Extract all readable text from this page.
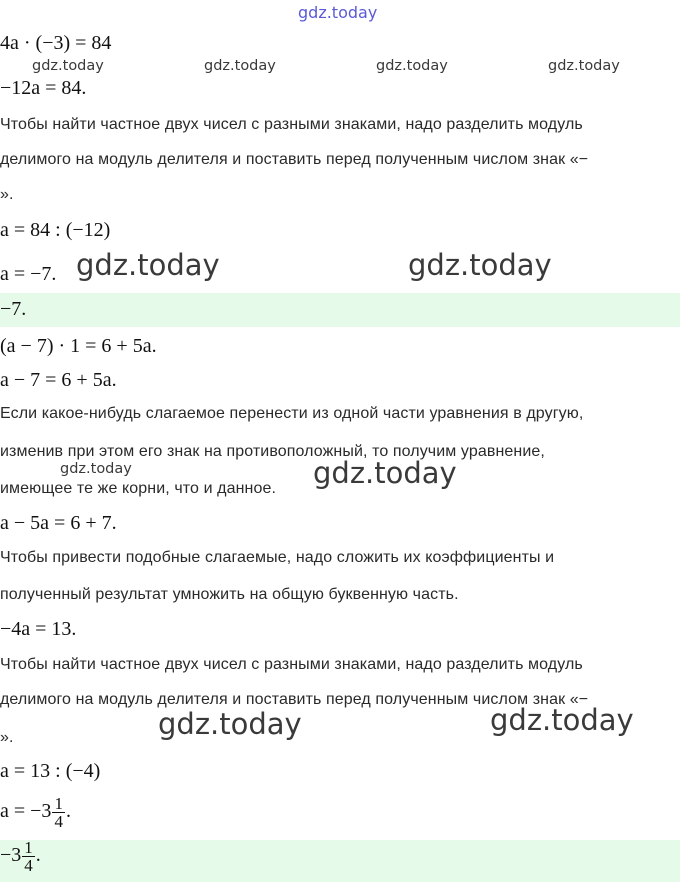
gdz.today
4a · (−3) = 84
gdz.today	gdz.today	gdz.today	gdz.today
−12a = 84.
Чтобы найти частное двух чисел с разными знаками, надо разделить модуль
делимого на модуль делителя и поставить перед полученным числом знак «−
».
a = 84 : (−12)
a = −7. gdz.today	gdz.today
−7.
(a − 7) · 1 = 6 + 5a.
a − 7 = 6 + 5a.
Если какое-нибудь слагаемое перенести из одной части уравнения в другую,
изменив при этом его знак на противоположный, то получим уравнение,
gdz.today
имеющее те же корни, что и данное. gdz.today
a − 5a = 6 + 7.
Чтобы привести подобные слагаемые, надо сложить их коэффициенты и
полученный результат умножить на общую буквенную часть.
−4a = 13.
Чтобы найти частное двух чисел с разными знаками, надо разделить модуль
делимого на модуль делителя и поставить перед полученным числом знак «−
».	gdz.today	gdz.today
a = 13 : (−4)
$a = -3 \frac{1}{4}$ .
$-3 \frac{1}{4}$ .
